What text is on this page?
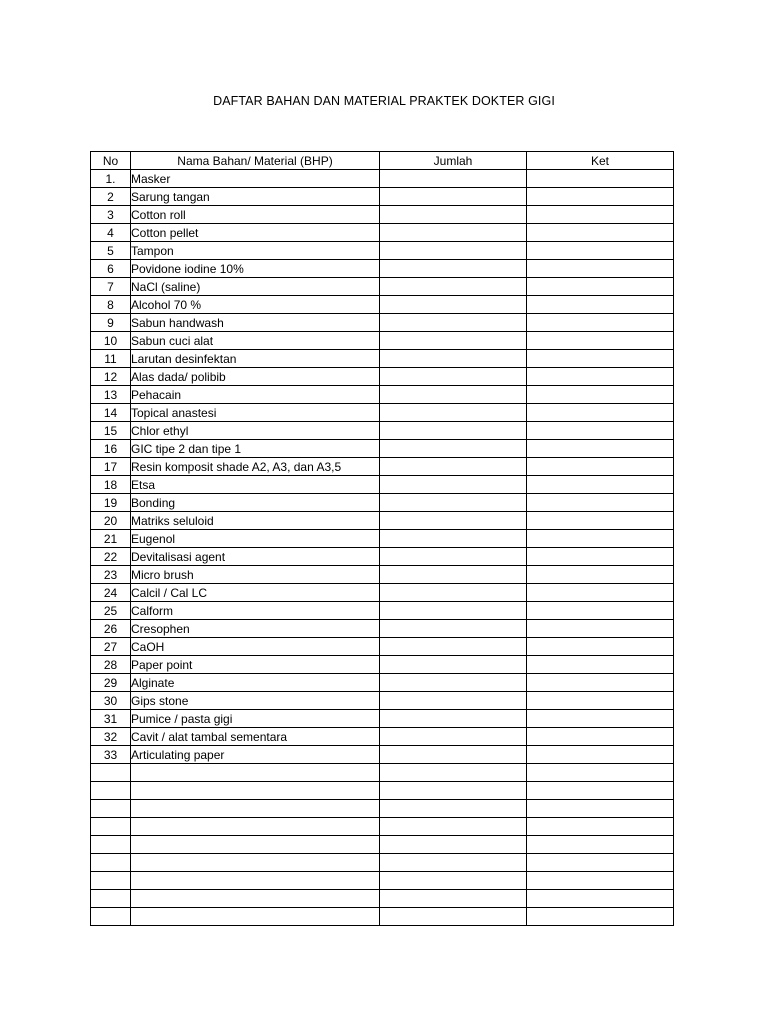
DAFTAR BAHAN DAN MATERIAL PRAKTEK DOKTER GIGI
No	Nama Bahan/ Material (BHP)	Jumlah	Ket
1.	Masker		
2	Sarung tangan		
3	Cotton roll		
4	Cotton pellet		
5	Tampon		
6	Povidone iodine 10%		
7	NaCl (saline)		
8	Alcohol 70 %		
9	Sabun handwash		
10	Sabun cuci alat		
11	Larutan desinfektan		
12	Alas dada/ polibib		
13	Pehacain		
14	Topical anastesi		
15	Chlor ethyl		
16	GIC tipe 2 dan tipe 1		
17	Resin komposit shade A2, A3, dan A3,5		
18	Etsa		
19	Bonding		
20	Matriks seluloid		
21	Eugenol		
22	Devitalisasi agent		
23	Micro brush		
24	Calcil / Cal LC		
25	Calform		
26	Cresophen		
27	CaOH		
28	Paper point		
29	Alginate		
30	Gips stone		
31	Pumice / pasta gigi		
32	Cavit / alat tambal sementara		
33	Articulating paper		
